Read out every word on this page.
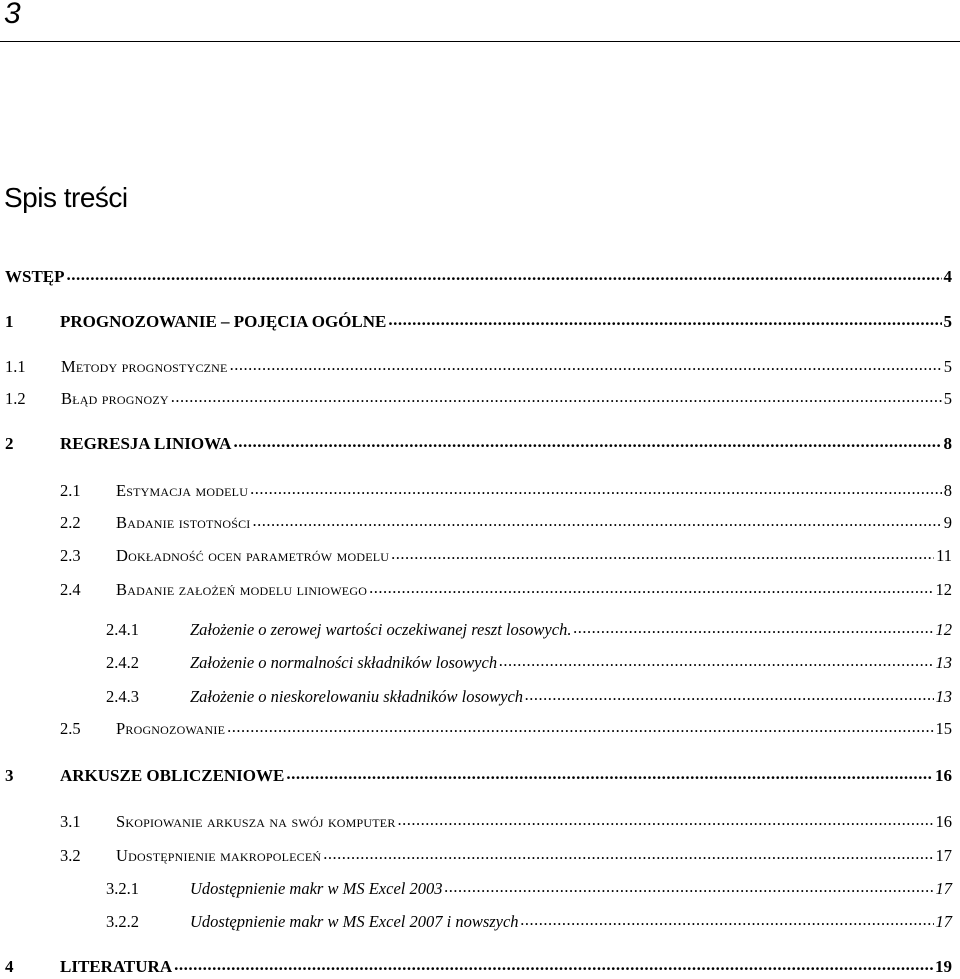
3
Spis treści
WSTĘP .....	4
1	PROGNOZOWANIE – POJĘCIA OGÓLNE .....	5
1.1	Metody prognostyczne .....	5
1.2	Błąd prognozy .....	5
2	REGRESJA LINIOWA .....	8
2.1	Estymacja modelu .....	8
2.2	Badanie istotności .....	9
2.3	Dokładność ocen parametrów modelu .....	11
2.4	Badanie założeń modelu liniowego .....	12
2.4.1	Założenie o zerowej wartości oczekiwanej reszt losowych. .....	12
2.4.2	Założenie o normalności składników losowych .....	13
2.4.3	Założenie o nieskorelowaniu składników losowych .....	13
2.5	Prognozowanie .....	15
3	ARKUSZE OBLICZENIOWE .....	16
3.1	Skopiowanie arkusza na swój komputer .....	16
3.2	Udostępnienie makropoleceń .....	17
3.2.1	Udostępnienie makr w MS Excel 2003 .....	17
3.2.2	Udostępnienie makr w MS Excel 2007 i nowszych .....	17
4	LITERATURA .....	19
